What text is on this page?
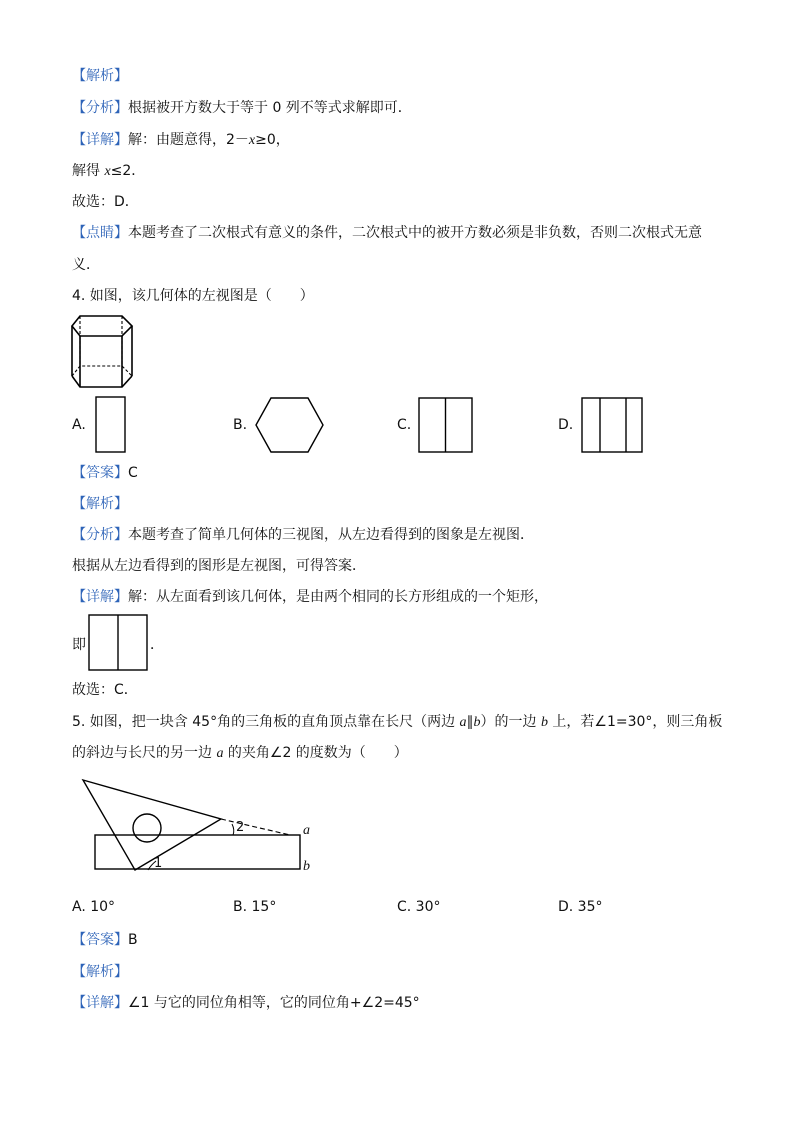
【解析】
【分析】根据被开方数大于等于 0 列不等式求解即可．
【详解】解：由题意得，2－x≥0，
解得 x≤2．
故选：D．
【点睛】本题考查了二次根式有意义的条件，二次根式中的被开方数必须是非负数，否则二次根式无意
义．
4. 如图，该几何体的左视图是（　　）
A.	B.	C.	D.
【答案】C
【解析】
【分析】本题考查了简单几何体的三视图，从左边看得到的图象是左视图．
根据从左边看得到的图形是左视图，可得答案．
【详解】解：从左面看到该几何体，是由两个相同的长方形组成的一个矩形，
即	．
故选：C．
5. 如图，把一块含 45°角的三角板的直角顶点靠在长尺（两边 a∥b）的一边 b 上，若∠1=30°，则三角板
的斜边与长尺的另一边 a 的夹角∠2 的度数为（　　）
a
b
2
1
A. 10°	B. 15°	C. 30°	D. 35°
【答案】B
【解析】
【详解】∠1 与它的同位角相等，它的同位角+∠2=45°
